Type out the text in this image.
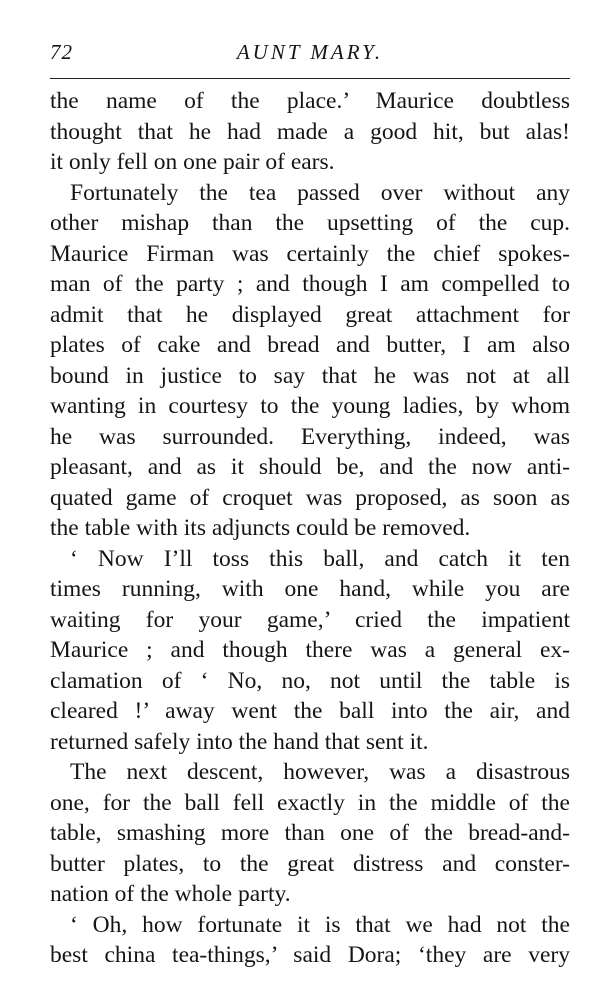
72	AUNT MARY.
the name of the place.’ Maurice doubtless
thought that he had made a good hit, but alas!
it only fell on one pair of ears.
Fortunately the tea passed over without any
other mishap than the upsetting of the cup.
Maurice Firman was certainly the chief spokes-
man of the party ; and though I am compelled to
admit that he displayed great attachment for
plates of cake and bread and butter, I am also
bound in justice to say that he was not at all
wanting in courtesy to the young ladies, by whom
he was surrounded. Everything, indeed, was
pleasant, and as it should be, and the now anti-
quated game of croquet was proposed, as soon as
the table with its adjuncts could be removed.
‘ Now I’ll toss this ball, and catch it ten
times running, with one hand, while you are
waiting for your game,’ cried the impatient
Maurice ; and though there was a general ex-
clamation of ‘ No, no, not until the table is
cleared !’ away went the ball into the air, and
returned safely into the hand that sent it.
The next descent, however, was a disastrous
one, for the ball fell exactly in the middle of the
table, smashing more than one of the bread-and-
butter plates, to the great distress and conster-
nation of the whole party.
‘ Oh, how fortunate it is that we had not the
best china tea-things,’ said Dora; ‘they are very
